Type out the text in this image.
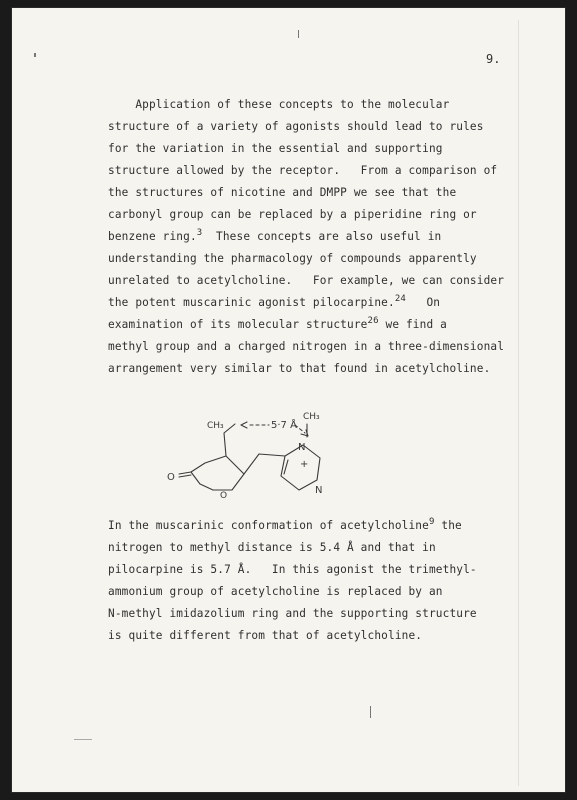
9.
Application of these concepts to the molecular
structure of a variety of agonists should lead to rules
for the variation in the essential and supporting
structure allowed by the receptor.   From a comparison of
the structures of nicotine and DMPP we see that the
carbonyl group can be replaced by a piperidine ring or
benzene ring.$^3$  These concepts are also useful in
understanding the pharmacology of compounds apparently
unrelated to acetylcholine.   For example, we can consider
the potent muscarinic agonist pilocarpine.$^{24}$   On
examination of its molecular structure$^{26}$ we find a
methyl group and a charged nitrogen in a three-dimensional
arrangement very similar to that found in acetylcholine.
CH₃	5·7 Å
CH₃
N
+
N
O
O
In the muscarinic conformation of acetylcholine$^9$ the
nitrogen to methyl distance is 5.4 Å and that in
pilocarpine is 5.7 Å.   In this agonist the trimethyl-
ammonium group of acetylcholine is replaced by an
N-methyl imidazolium ring and the supporting structure
is quite different from that of acetylcholine.
